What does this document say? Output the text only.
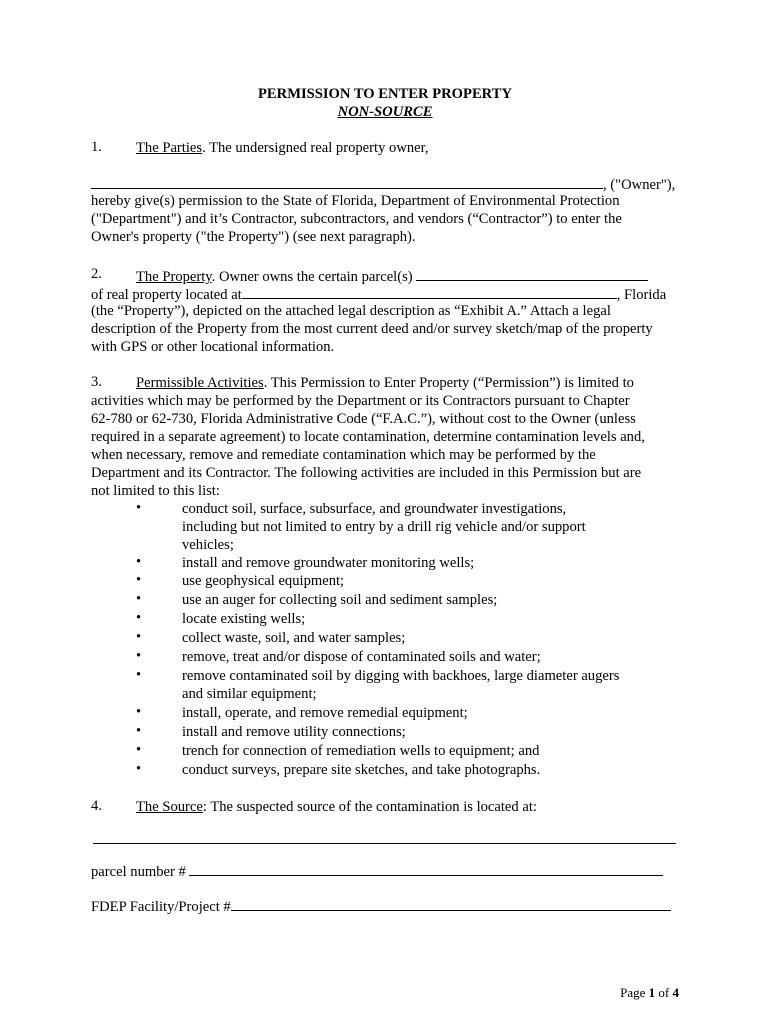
PERMISSION TO ENTER PROPERTY
NON-SOURCE
1. The Parties. The undersigned real property owner,
, ("Owner"),
hereby give(s) permission to the State of Florida, Department of Environmental Protection
("Department") and it’s Contractor, subcontractors, and vendors (“Contractor”) to enter the
Owner's property ("the Property") (see next paragraph).
2. The Property. Owner owns the certain parcel(s)
of real property located at	, Florida
(the “Property”), depicted on the attached legal description as “Exhibit A.” Attach a legal
description of the Property from the most current deed and/or survey sketch/map of the property
with GPS or other locational information.
3. Permissible Activities. This Permission to Enter Property (“Permission”) is limited to
activities which may be performed by the Department or its Contractors pursuant to Chapter
62-780 or 62-730, Florida Administrative Code (“F.A.C.”), without cost to the Owner (unless
required in a separate agreement) to locate contamination, determine contamination levels and,
when necessary, remove and remediate contamination which may be performed by the
Department and its Contractor. The following activities are included in this Permission but are
not limited to this list:
•	conduct soil, surface, subsurface, and groundwater investigations,
including but not limited to entry by a drill rig vehicle and/or support
vehicles;
•	install and remove groundwater monitoring wells;
•	use geophysical equipment;
•	use an auger for collecting soil and sediment samples;
•	locate existing wells;
•	collect waste, soil, and water samples;
•	remove, treat and/or dispose of contaminated soils and water;
•	remove contaminated soil by digging with backhoes, large diameter augers
and similar equipment;
•	install, operate, and remove remedial equipment;
•	install and remove utility connections;
•	trench for connection of remediation wells to equipment; and
•	conduct surveys, prepare site sketches, and take photographs.
4. The Source: The suspected source of the contamination is located at:
parcel number #
FDEP Facility/Project #
Page 1 of 4
